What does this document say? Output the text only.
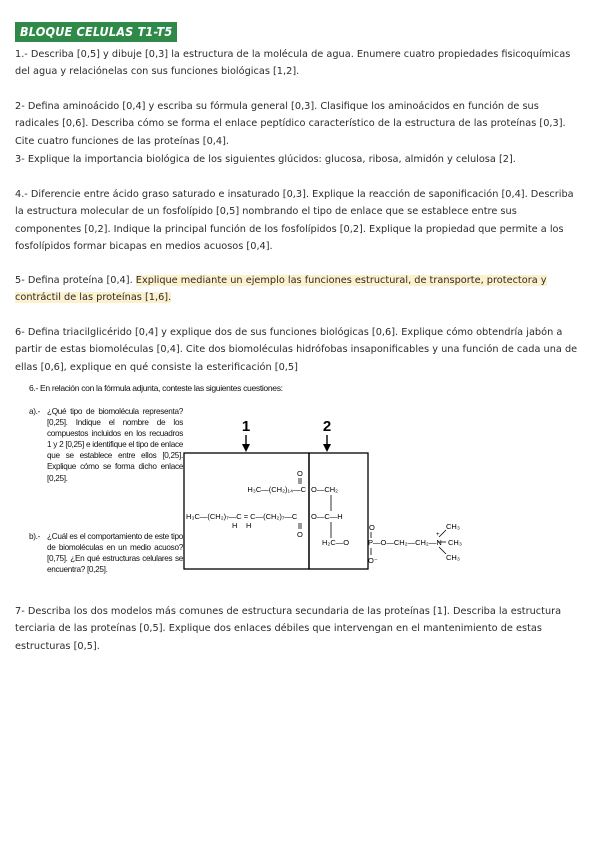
BLOQUE CELULAS T1-T5
1.- Describa [0,5] y dibuje [0,3] la estructura de la molécula de agua. Enumere cuatro propiedades fisicoquímicas del agua y relaciónelas con sus funciones biológicas [1,2].
2- Defina aminoácido [0,4] y escriba su fórmula general [0,3]. Clasifique los aminoácidos en función de sus radicales [0,6]. Describa cómo se forma el enlace peptídico característico de la estructura de las proteínas [0,3]. Cite cuatro funciones de las proteínas [0,4].
3- Explique la importancia biológica de los siguientes glúcidos: glucosa, ribosa, almidón y celulosa [2].
4.- Diferencie entre ácido graso saturado e insaturado [0,3]. Explique la reacción de saponificación [0,4]. Describa la estructura molecular de un fosfolípido [0,5] nombrando el tipo de enlace que se establece entre sus componentes [0,2]. Indique la principal función de los fosfolípidos [0,2]. Explique la propiedad que permite a los fosfolípidos formar bicapas en medios acuosos [0,4].
5- Defina proteína [0,4]. Explique mediante un ejemplo las funciones estructural, de transporte, protectora y contráctil de las proteínas [1,6].
6- Defina triacilglicérido [0,4] y explique dos de sus funciones biológicas [0,6]. Explique cómo obtendría jabón a partir de estas biomoléculas [0,4]. Cite dos biomoléculas hidrófobas insaponificables y una función de cada una de ellas [0,6], explique en qué consiste la esterificación [0,5]
6.- En relación con la fórmula adjunta, conteste las siguientes cuestiones:
a).- ¿Qué tipo de biomolécula representa? [0,25]. Indique el nombre de los compuestos incluidos en los recuadros 1 y 2 [0,25] e identifique el tipo de enlace que se establece entre ellos [0,25]. Explique cómo se forma dicho enlace [0,25].
b).- ¿Cuál es el comportamiento de este tipo de biomoléculas en un medio acuoso? [0,75]. ¿En qué estructuras celulares se encuentra? [0,25].
1	2
O
H₃C—(CH₂)₁₄—C
H₃C—(CH₂)₇—C = C—(CH₂)₇—C
H H
O
O—CH₂
O—C—H
H₂C—O
O
P—O—CH₂—CH₂—N
O⁻
+
CH₃
CH₃
CH₃
7- Describa los dos modelos más comunes de estructura secundaria de las proteínas [1]. Describa la estructura terciaria de las proteínas [0,5]. Explique dos enlaces débiles que intervengan en el mantenimiento de estas estructuras [0,5].
